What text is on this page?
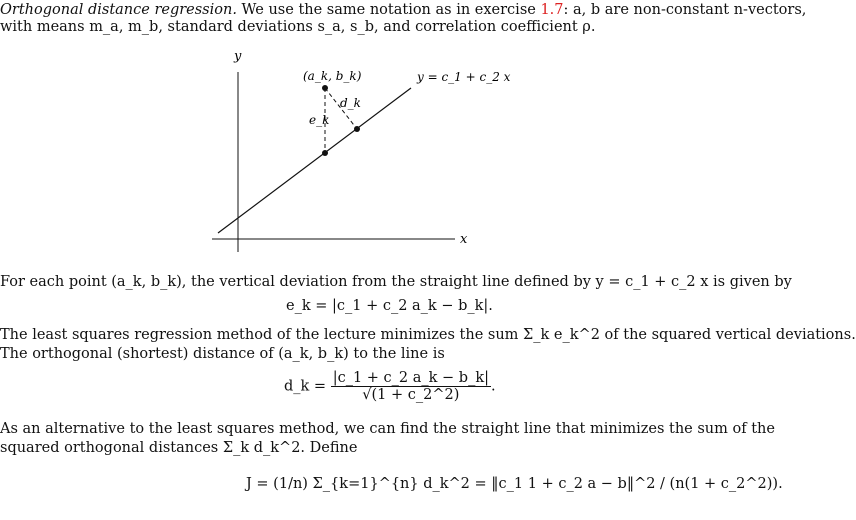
Orthogonal distance regression. We use the same notation as in exercise 1.7: a, b are non-constant n-vectors,
with means m_a, m_b, standard deviations s_a, s_b, and correlation coefficient ρ.
y
x
y = c_1 + c_2 x
(a_k, b_k)
d_k
e_k
For each point (a_k, b_k), the vertical deviation from the straight line defined by y = c_1 + c_2 x is given by
e_k = |c_1 + c_2 a_k − b_k|.
The least squares regression method of the lecture minimizes the sum Σ_k e_k^2 of the squared vertical deviations.
The orthogonal (shortest) distance of (a_k, b_k) to the line is
d_k = $\frac{|c\_1 + c\_2 a\_k - b\_k|}{√(1 + c\_2\^{}2)}$ .
As an alternative to the least squares method, we can find the straight line that minimizes the sum of the
squared orthogonal distances Σ_k d_k^2. Define
J = (1/n) Σ_{k=1}^{n} d_k^2 = ‖c_1 1 + c_2 a − b‖^2 / (n(1 + c_2^2)).
